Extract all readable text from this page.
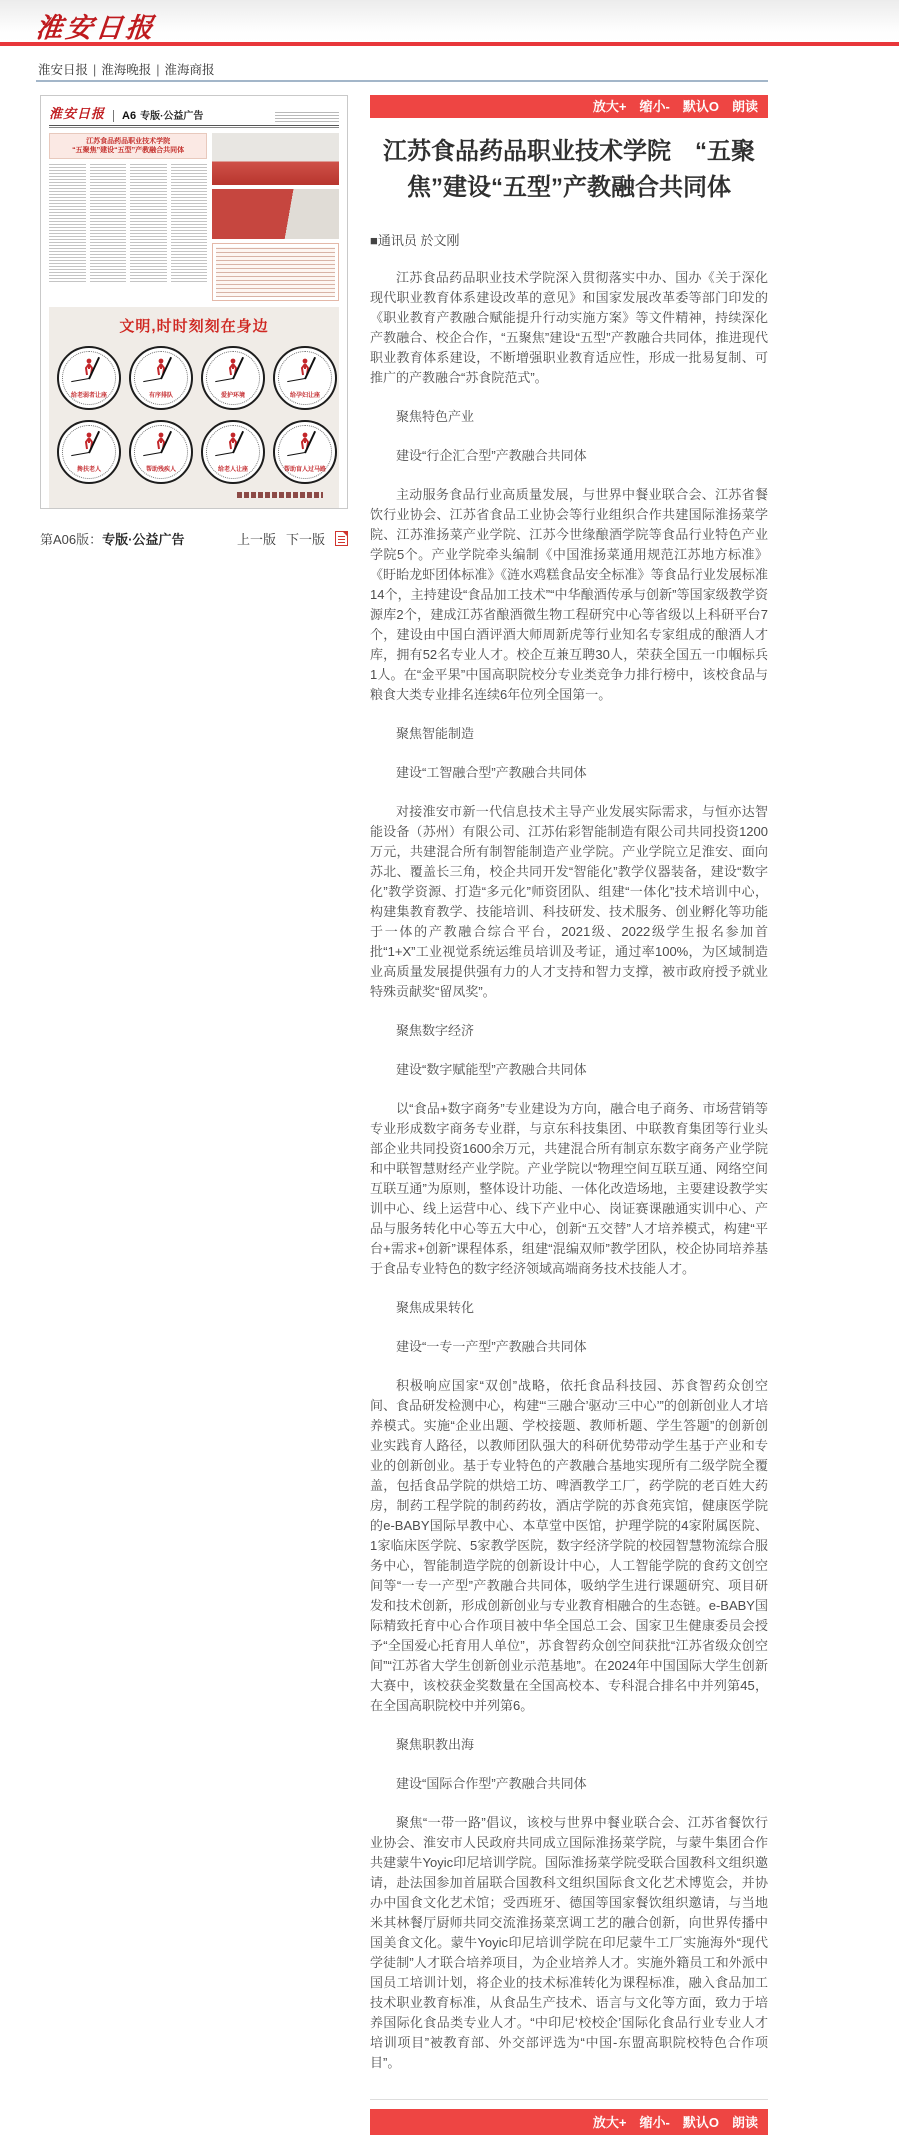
淮安日报
淮安日报 | 淮海晚报 | 淮海商报
淮安日报	A6 专版·公益广告
江苏食品药品职业技术学院
“五聚焦”建设“五型”产教融合共同体
文明,时时刻刻在身边
给老弱者让座	有序排队	爱护环境	给孕妇让座
搀扶老人	帮助残疾人	给老人让座	帮助盲人过马路
第A06版： 专版·公益广告	上一版 下一版
放大+ 缩小- 默认O 朗读
江苏食品药品职业技术学院　“五聚焦”建设“五型”产教融合共同体
■通讯员 於文刚

江苏食品药品职业技术学院深入贯彻落实中办、国办《关于深化现代职业教育体系建设改革的意见》和国家发展改革委等部门印发的《职业教育产教融合赋能提升行动实施方案》等文件精神，持续深化产教融合、校企合作，“五聚焦”建设“五型”产教融合共同体，推进现代职业教育体系建设，不断增强职业教育适应性，形成一批易复制、可推广的产教融合“苏食院范式”。

聚焦特色产业

建设“行企汇合型”产教融合共同体

主动服务食品行业高质量发展，与世界中餐业联合会、江苏省餐饮行业协会、江苏省食品工业协会等行业组织合作共建国际淮扬菜学院、江苏淮扬菜产业学院、江苏今世缘酿酒学院等食品行业特色产业学院5个。产业学院牵头编制《中国淮扬菜通用规范江苏地方标准》《盱眙龙虾团体标准》《涟水鸡糕食品安全标准》等食品行业发展标准14个，主持建设“食品加工技术”“中华酿酒传承与创新”等国家级教学资源库2个，建成江苏省酿酒微生物工程研究中心等省级以上科研平台7个，建设由中国白酒评酒大师周新虎等行业知名专家组成的酿酒人才库，拥有52名专业人才。校企互兼互聘30人，荣获全国五一巾帼标兵1人。在“金平果”中国高职院校分专业类竞争力排行榜中，该校食品与粮食大类专业排名连续6年位列全国第一。

聚焦智能制造

建设“工智融合型”产教融合共同体

对接淮安市新一代信息技术主导产业发展实际需求，与恒亦达智能设备（苏州）有限公司、江苏佑彩智能制造有限公司共同投资1200万元，共建混合所有制智能制造产业学院。产业学院立足淮安、面向苏北、覆盖长三角，校企共同开发“智能化”教学仪器装备，建设“数字化”教学资源、打造“多元化”师资团队、组建“一体化”技术培训中心，构建集教育教学、技能培训、科技研发、技术服务、创业孵化等功能于一体的产教融合综合平台，2021级、2022级学生报名参加首批“1+X”工业视觉系统运维员培训及考证，通过率100%，为区域制造业高质量发展提供强有力的人才支持和智力支撑，被市政府授予就业特殊贡献奖“留凤奖”。

聚焦数字经济

建设“数字赋能型”产教融合共同体

以“食品+数字商务”专业建设为方向，融合电子商务、市场营销等专业形成数字商务专业群，与京东科技集团、中联教育集团等行业头部企业共同投资1600余万元，共建混合所有制京东数字商务产业学院和中联智慧财经产业学院。产业学院以“物理空间互联互通、网络空间互联互通”为原则，整体设计功能、一体化改造场地，主要建设教学实训中心、线上运营中心、线下产业中心、岗证赛课融通实训中心、产品与服务转化中心等五大中心，创新“五交替”人才培养模式，构建“平台+需求+创新”课程体系，组建“混编双师”教学团队，校企协同培养基于食品专业特色的数字经济领域高端商务技术技能人才。

聚焦成果转化

建设“一专一产型”产教融合共同体

积极响应国家“双创”战略，依托食品科技园、苏食智药众创空间、食品研发检测中心，构建“‘三融合’驱动‘三中心’”的创新创业人才培养模式。实施“企业出题、学校接题、教师析题、学生答题”的创新创业实践育人路径，以教师团队强大的科研优势带动学生基于产业和专业的创新创业。基于专业特色的产教融合基地实现所有二级学院全覆盖，包括食品学院的烘焙工坊、啤酒教学工厂，药学院的老百姓大药房，制药工程学院的制药药妆，酒店学院的苏食苑宾馆，健康医学院的e-BABY国际早教中心、本草堂中医馆，护理学院的4家附属医院、1家临床医学院、5家教学医院，数字经济学院的校园智慧物流综合服务中心，智能制造学院的创新设计中心，人工智能学院的食药文创空间等“一专一产型”产教融合共同体，吸纳学生进行课题研究、项目研发和技术创新，形成创新创业与专业教育相融合的生态链。e-BABY国际精致托育中心合作项目被中华全国总工会、国家卫生健康委员会授予“全国爱心托育用人单位”，苏食智药众创空间获批“江苏省级众创空间”“江苏省大学生创新创业示范基地”。在2024年中国国际大学生创新大赛中，该校获金奖数量在全国高校本、专科混合排名中并列第45，在全国高职院校中并列第6。

聚焦职教出海

建设“国际合作型”产教融合共同体

聚焦“一带一路”倡议，该校与世界中餐业联合会、江苏省餐饮行业协会、淮安市人民政府共同成立国际淮扬菜学院，与蒙牛集团合作共建蒙牛Yoyic印尼培训学院。国际淮扬菜学院受联合国教科文组织邀请，赴法国参加首届联合国教科文组织国际食文化艺术博览会，并协办中国食文化艺术馆；受西班牙、德国等国家餐饮组织邀请，与当地米其林餐厅厨师共同交流淮扬菜烹调工艺的融合创新，向世界传播中国美食文化。蒙牛Yoyic印尼培训学院在印尼蒙牛工厂实施海外“现代学徒制”人才联合培养项目，为企业培养人才。实施外籍员工和外派中国员工培训计划，将企业的技术标准转化为课程标准，融入食品加工技术职业教育标准，从食品生产技术、语言与文化等方面，致力于培养国际化食品类专业人才。“中印尼‘校校企’国际化食品行业专业人才培训项目”被教育部、外交部评选为“中国-东盟高职院校特色合作项目”。

放大+ 缩小- 默认O 朗读
